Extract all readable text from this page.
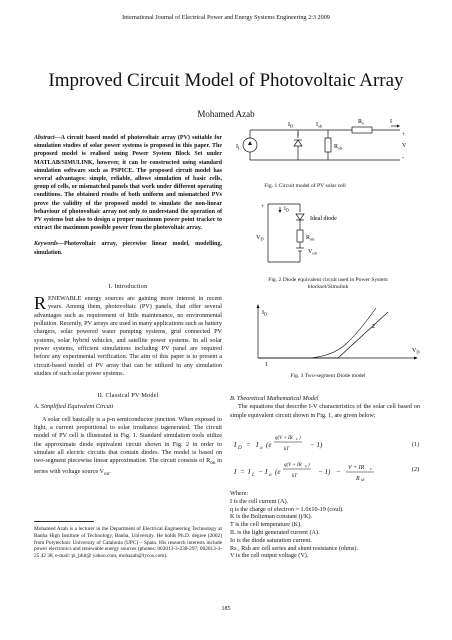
International Journal of Electrical Power and Energy Systems Engineering 2:3 2009
Improved Circuit Model of Photovoltaic Array
Mohamed Azab
Abstract—A circuit based model of photovoltaic array (PV) suitable for simulation studies of solar power systems is proposed in this paper. The proposed model is realised using Power System Block Set under MATLAB/SIMULINK, however, it can be constructed using standard simulation software such as PSPICE. The proposed circuit model has several advantages: simple, reliable, allows simulation of basic cells, group of cells, or mismatched panels that work under different operating conditions. The obtained results of both uniform and mismatched PVs prove the validity of the proposed model to simulate the non-linear behaviour of photovoltaic array not only to understand the operation of PV systems but also to design a proper maximum power point tracker to extract the maximum possible power from the photovoltaic array.
Keywords—Photovoltaic array, piecewise linear model, modelling, simulation.
I. Introduction
RENEWABLE energy sources are gaining more interest in recent years. Among them, photovoltaic (PV) panels, that offer several advantages such as requirement of little maintenance, no environmental pollution. Recently, PV arrays are used in many applications such as battery chargers, solar powered water pumping systems, grid connected PV systems, solar hybrid vehicles, and satellite power systems. In all solar power systems, efficient simulations including PV panel are required before any experimental verification. The aim of this paper is to present a circuit-based model of PV array that can be utilized in any simulation studies of such solar power systems.
II. Classical PV Model
A. Simplified Equivalent Circuit

A solar cell basically is a p-n semiconductor junction. When exposed to light, a current proportional to solar irradiance isgenerated. The circuit model of PV cell is illustrated in Fig. 1. Standard simulation tools utilize the approximate diode equivalent circuit shown in Fig. 2 in order to simulate all electric circuits that contain diodes. The model is based on two-segment piecewise linear approximation. The circuit consists of $R_{on}$ in series with voltage source $V_{on}$.

Mohamed Azab is a lecturer in the Department of Electrical Engineering Technology at Banha High Institute of Technology, Banha, University. He holds Ph.D. degree (2002) from Polytechnic University of Catalonia (UPC) – Spain. His research interests include power electronics and renewable energy sources (phones: 002013-3-230-297; 002013-3-25 42 38, e-mail: pi_bhit@ yahoo.com, mohazab@lycos.com).
$I_L$
$I_D$	$I_{sh}$
$R_{sh}$
$R_s$	I
+
V
-
Fig. 1 Circuit model of PV solar cell
+	$I_D$
$V_D$
Ideal diode
$R_{on}$
$V_{on}$
Fig. 2 Diode equivalent circuit used in Power System
blockset/Simulink
$I_D$
$V_D$
1
2
Fig. 3 Two-segment Diode model
B. Theoretical Mathematical Model

The equations that describe I-V characteristics of the solar cell based on simple equivalent circuit shown in Fig. 1, are given below;

I D = I o (e
q(V + IR s )
kT
− 1)	(1)
I = I L − I o (e
q(V + IR s )
kT
− 1) − V + IR s
R sh
(2)
Where:
I is the cell current (A).
q is the charge of electron = 1.6x10-19 (coul).
K is the Boltzman constant (j/K).
T is the cell temperature (K).
IL is the light generated current (A).
Io is the diode saturation current.
Rs , Rsh are cell series and shunt resistance (ohms).
V is the cell output voltage (V).
185
